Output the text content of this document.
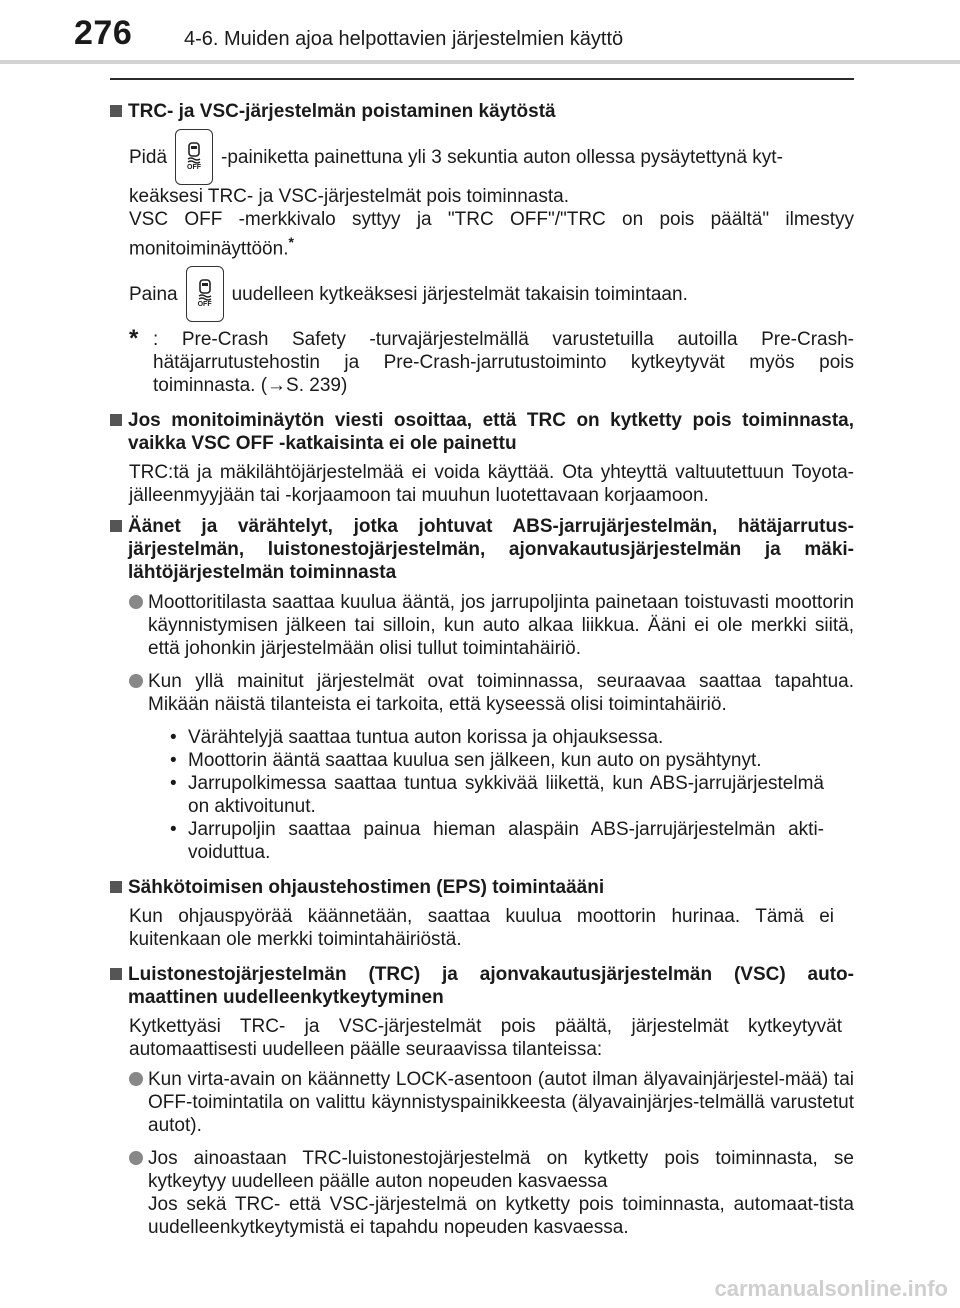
276	4-6. Muiden ajoa helpottavien järjestelmien käyttö
TRC- ja VSC-järjestelmän poistaminen käytöstä
Pidä	OFF -painiketta painettuna yli 3 sekuntia auton ollessa pysäytettynä kyt-
keäksesi TRC- ja VSC-järjestelmät pois toiminnasta.
VSC OFF -merkkivalo syttyy ja "TRC OFF"/"TRC on pois päältä" ilmestyy monitoiminäyttöön.*
Paina	OFF uudelleen kytkeäksesi järjestelmät takaisin toimintaan.
* : Pre-Crash Safety -turvajärjestelmällä varustetuilla autoilla Pre-Crash-hätäjarrutustehostin ja Pre-Crash-jarrutustoiminto kytkeytyvät myös pois toiminnasta. (→S. 239)
Jos monitoiminäytön viesti osoittaa, että TRC on kytketty pois toiminnasta, vaikka VSC OFF -katkaisinta ei ole painettu
TRC:tä ja mäkilähtöjärjestelmää ei voida käyttää. Ota yhteyttä valtuutettuun Toyota-jälleenmyyjään tai -korjaamoon tai muuhun luotettavaan korjaamoon.
Äänet ja värähtelyt, jotka johtuvat ABS-jarrujärjestelmän, hätäjarrutus-järjestelmän, luistonestojärjestelmän, ajonvakautusjärjestelmän ja mäki-lähtöjärjestelmän toiminnasta
Moottoritilasta saattaa kuulua ääntä, jos jarrupoljinta painetaan toistuvasti moottorin käynnistymisen jälkeen tai silloin, kun auto alkaa liikkua. Ääni ei ole merkki siitä, että johonkin järjestelmään olisi tullut toimintahäiriö.
Kun yllä mainitut järjestelmät ovat toiminnassa, seuraavaa saattaa tapahtua. Mikään näistä tilanteista ei tarkoita, että kyseessä olisi toimintahäiriö.
• Värähtelyjä saattaa tuntua auton korissa ja ohjauksessa.
• Moottorin ääntä saattaa kuulua sen jälkeen, kun auto on pysähtynyt.
• Jarrupolkimessa saattaa tuntua sykkivää liikettä, kun ABS-jarrujärjestelmä on aktivoitunut.
• Jarrupoljin saattaa painua hieman alaspäin ABS-jarrujärjestelmän akti-voiduttua.
Sähkötoimisen ohjaustehostimen (EPS) toimintaääni
Kun ohjauspyörää käännetään, saattaa kuulua moottorin hurinaa. Tämä ei kuitenkaan ole merkki toimintahäiriöstä.
Luistonestojärjestelmän (TRC) ja ajonvakautusjärjestelmän (VSC) auto-maattinen uudelleenkytkeytyminen
Kytkettyäsi TRC- ja VSC-järjestelmät pois päältä, järjestelmät kytkeytyvät automaattisesti uudelleen päälle seuraavissa tilanteissa:
Kun virta-avain on käännetty LOCK-asentoon (autot ilman älyavainjärjestel-mää) tai OFF-toimintatila on valittu käynnistyspainikkeesta (älyavainjärjes-telmällä varustetut autot).
Jos ainoastaan TRC-luistonestojärjestelmä on kytketty pois toiminnasta, se kytkeytyy uudelleen päälle auton nopeuden kasvaessa
Jos sekä TRC- että VSC-järjestelmä on kytketty pois toiminnasta, automaat-tista uudelleenkytkeytymistä ei tapahdu nopeuden kasvaessa.
carmanualsonline.info
